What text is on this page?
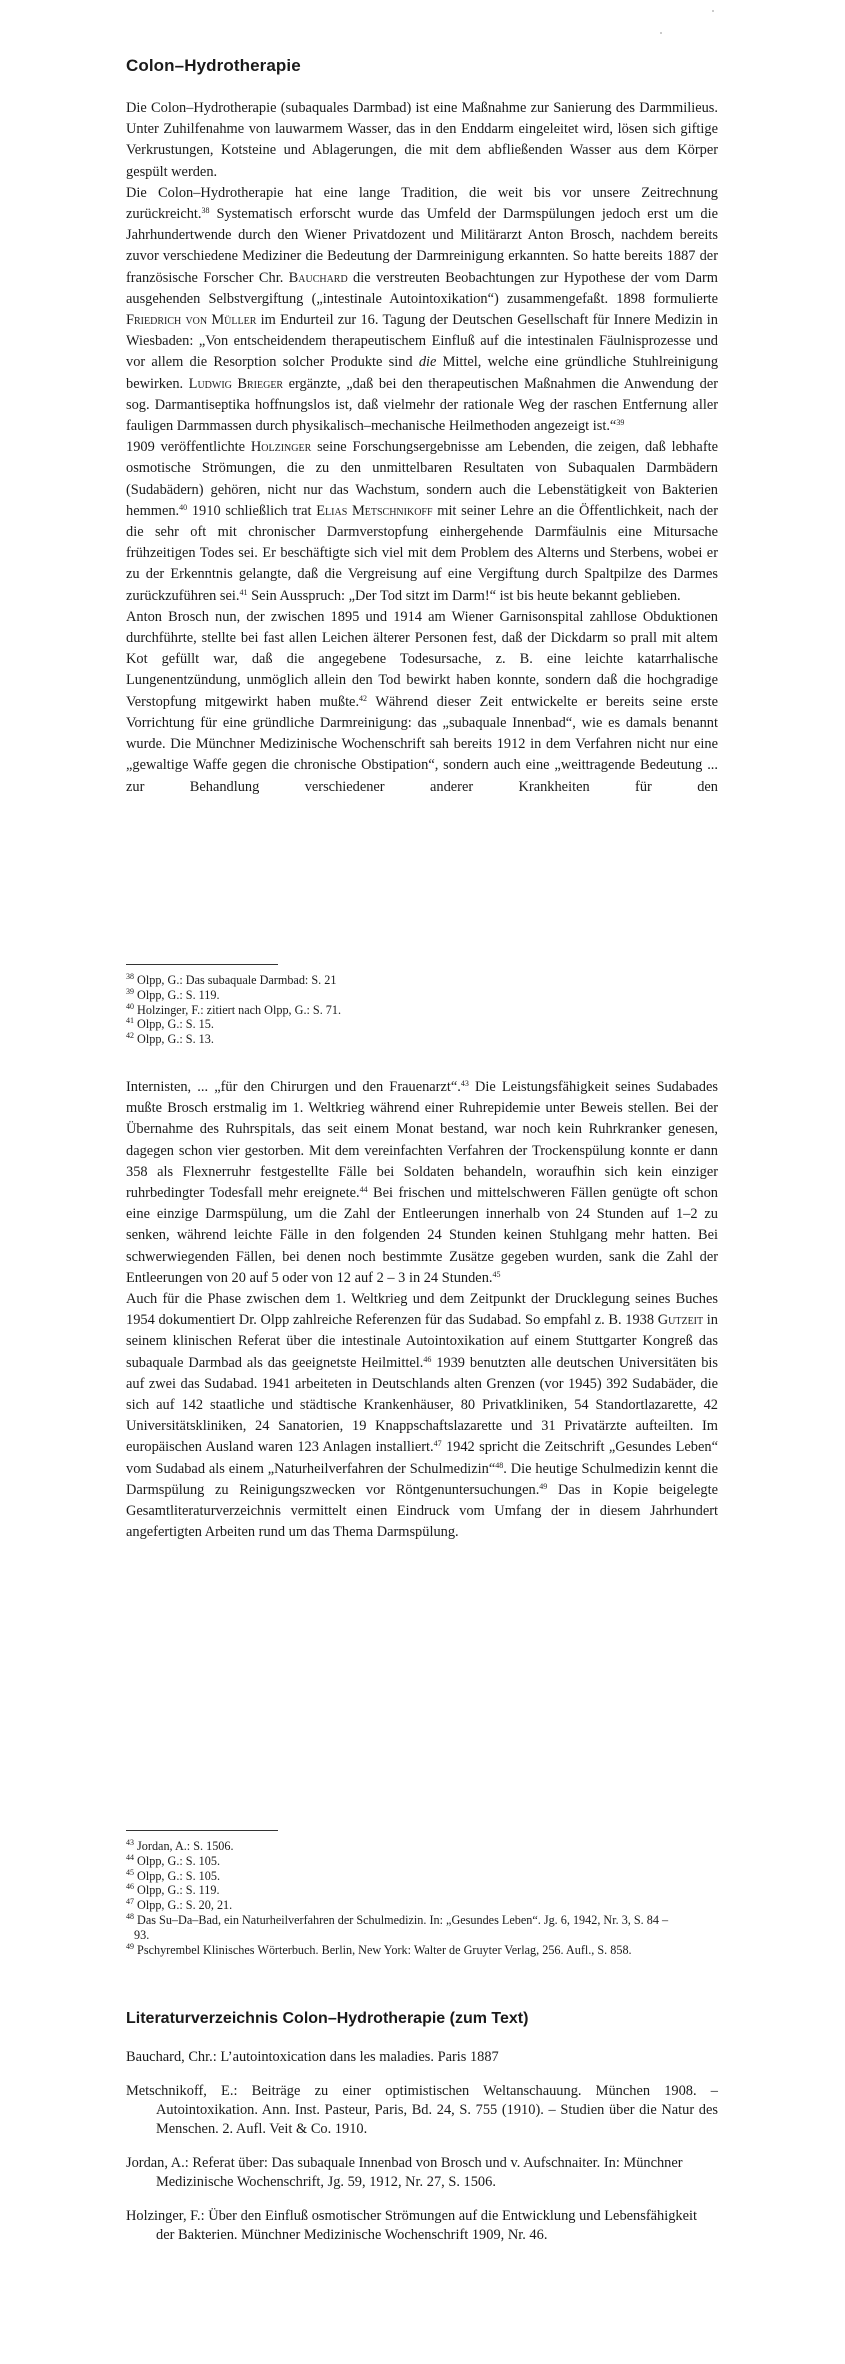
Colon–Hydrotherapie

Die Colon–Hydrotherapie (subaquales Darmbad) ist eine Maßnahme zur Sanierung des Darmmilieus. Unter Zuhilfenahme von lauwarmem Wasser, das in den Enddarm eingeleitet wird, lösen sich giftige Verkrustungen, Kotsteine und Ablagerungen, die mit dem abfließenden Wasser aus dem Körper gespült werden.

Die Colon–Hydrotherapie hat eine lange Tradition, die weit bis vor unsere Zeitrechnung zurückreicht.$^{38}$ Systematisch erforscht wurde das Umfeld der Darmspülungen jedoch erst um die Jahrhundertwende durch den Wiener Privatdozent und Militärarzt Anton Brosch, nachdem bereits zuvor verschiedene Mediziner die Bedeutung der Darmreinigung erkannten. So hatte bereits 1887 der französische Forscher Chr. Bauchard die verstreuten Beobachtungen zur Hypothese der vom Darm ausgehenden Selbstvergiftung („intestinale Autointoxikation“) zusammengefaßt. 1898 formulierte Friedrich von Müller im Endurteil zur 16. Tagung der Deutschen Gesellschaft für Innere Medizin in Wiesbaden: „Von entscheidendem therapeutischem Einfluß auf die intestinalen Fäulnisprozesse und vor allem die Resorption solcher Produkte sind die Mittel, welche eine gründliche Stuhlreinigung bewirken. Ludwig Brieger ergänzte, „daß bei den therapeutischen Maßnahmen die Anwendung der sog. Darmantiseptika hoffnungslos ist, daß vielmehr der rationale Weg der raschen Entfernung aller fauligen Darmmassen durch physikalisch–mechanische Heilmethoden angezeigt ist.“$^{39}$

1909 veröffentlichte Holzinger seine Forschungsergebnisse am Lebenden, die zeigen, daß lebhafte osmotische Strömungen, die zu den unmittelbaren Resultaten von Subaqualen Darmbädern (Sudabädern) gehören, nicht nur das Wachstum, sondern auch die Lebenstätigkeit von Bakterien hemmen.$^{40}$ 1910 schließlich trat Elias Metschnikoff mit seiner Lehre an die Öffentlichkeit, nach der die sehr oft mit chronischer Darmverstopfung einhergehende Darmfäulnis eine Mitursache frühzeitigen Todes sei. Er beschäftigte sich viel mit dem Problem des Alterns und Sterbens, wobei er zu der Erkenntnis gelangte, daß die Vergreisung auf eine Vergiftung durch Spaltpilze des Darmes zurückzuführen sei.$^{41}$ Sein Ausspruch: „Der Tod sitzt im Darm!“ ist bis heute bekannt geblieben.

Anton Brosch nun, der zwischen 1895 und 1914 am Wiener Garnisonspital zahllose Obduktionen durchführte, stellte bei fast allen Leichen älterer Personen fest, daß der Dickdarm so prall mit altem Kot gefüllt war, daß die angegebene Todesursache, z. B. eine leichte katarrhalische Lungenentzündung, unmöglich allein den Tod bewirkt haben konnte, sondern daß die hochgradige Verstopfung mitgewirkt haben mußte.$^{42}$ Während dieser Zeit entwickelte er bereits seine erste Vorrichtung für eine gründliche Darmreinigung: das „subaquale Innenbad“, wie es damals benannt wurde. Die Münchner Medizinische Wochenschrift sah bereits 1912 in dem Verfahren nicht nur eine „gewaltige Waffe gegen die chronische Obstipation“, sondern auch eine „weittragende Bedeutung ... zur Behandlung verschiedener anderer Krankheiten für den

$^{38}$ Olpp, G.: Das subaquale Darmbad: S. 21
$^{39}$ Olpp, G.: S. 119.
$^{40}$ Holzinger, F.: zitiert nach Olpp, G.: S. 71.
$^{41}$ Olpp, G.: S. 15.
$^{42}$ Olpp, G.: S. 13.

Internisten, ... „für den Chirurgen und den Frauenarzt“.$^{43}$ Die Leistungsfähigkeit seines Sudabades mußte Brosch erstmalig im 1. Weltkrieg während einer Ruhrepidemie unter Beweis stellen. Bei der Übernahme des Ruhrspitals, das seit einem Monat bestand, war noch kein Ruhrkranker genesen, dagegen schon vier gestorben. Mit dem vereinfachten Verfahren der Trockenspülung konnte er dann 358 als Flexnerruhr festgestellte Fälle bei Soldaten behandeln, woraufhin sich kein einziger ruhrbedingter Todesfall mehr ereignete.$^{44}$ Bei frischen und mittelschweren Fällen genügte oft schon eine einzige Darmspülung, um die Zahl der Entleerungen innerhalb von 24 Stunden auf 1–2 zu senken, während leichte Fälle in den folgenden 24 Stunden keinen Stuhlgang mehr hatten. Bei schwerwiegenden Fällen, bei denen noch bestimmte Zusätze gegeben wurden, sank die Zahl der Entleerungen von 20 auf 5 oder von 12 auf 2 – 3 in 24 Stunden.$^{45}$

Auch für die Phase zwischen dem 1. Weltkrieg und dem Zeitpunkt der Drucklegung seines Buches 1954 dokumentiert Dr. Olpp zahlreiche Referenzen für das Sudabad. So empfahl z. B. 1938 Gutzeit in seinem klinischen Referat über die intestinale Autointoxikation auf einem Stuttgarter Kongreß das subaquale Darmbad als das geeignetste Heilmittel.$^{46}$ 1939 benutzten alle deutschen Universitäten bis auf zwei das Sudabad. 1941 arbeiteten in Deutschlands alten Grenzen (vor 1945) 392 Sudabäder, die sich auf 142 staatliche und städtische Krankenhäuser, 80 Privatkliniken, 54 Standortlazarette, 42 Universitätskliniken, 24 Sanatorien, 19 Knappschaftslazarette und 31 Privatärzte aufteilten. Im europäischen Ausland waren 123 Anlagen installiert.$^{47}$ 1942 spricht die Zeitschrift „Gesundes Leben“ vom Sudabad als einem „Naturheilverfahren der Schulmedizin“$^{48}$. Die heutige Schulmedizin kennt die Darmspülung zu Reinigungszwecken vor Röntgenuntersuchungen.$^{49}$ Das in Kopie beigelegte Gesamtliteraturverzeichnis vermittelt einen Eindruck vom Umfang der in diesem Jahrhundert angefertigten Arbeiten rund um das Thema Darmspülung.

$^{43}$ Jordan, A.: S. 1506.
$^{44}$ Olpp, G.: S. 105.
$^{45}$ Olpp, G.: S. 105.
$^{46}$ Olpp, G.: S. 119.
$^{47}$ Olpp, G.: S. 20, 21.
$^{48}$ Das Su–Da–Bad, ein Naturheilverfahren der Schulmedizin. In: „Gesundes Leben“. Jg. 6, 1942, Nr. 3, S. 84 –
93.
$^{49}$ Pschyrembel Klinisches Wörterbuch. Berlin, New York: Walter de Gruyter Verlag, 256. Aufl., S. 858.
Literaturverzeichnis Colon–Hydrotherapie (zum Text)

Bauchard, Chr.: L’autointoxication dans les maladies. Paris 1887

Metschnikoff, E.: Beiträge zu einer optimistischen Weltanschauung. München 1908. – Autointoxikation. Ann. Inst. Pasteur, Paris, Bd. 24, S. 755 (1910). – Studien über die Natur des Menschen. 2. Aufl. Veit & Co. 1910.

Jordan, A.: Referat über: Das subaquale Innenbad von Brosch und v. Aufschnaiter. In: Münchner Medizinische Wochenschrift, Jg. 59, 1912, Nr. 27, S. 1506.

Holzinger, F.: Über den Einfluß osmotischer Strömungen auf die Entwicklung und Lebensfähigkeit der Bakterien. Münchner Medizinische Wochenschrift 1909, Nr. 46.
